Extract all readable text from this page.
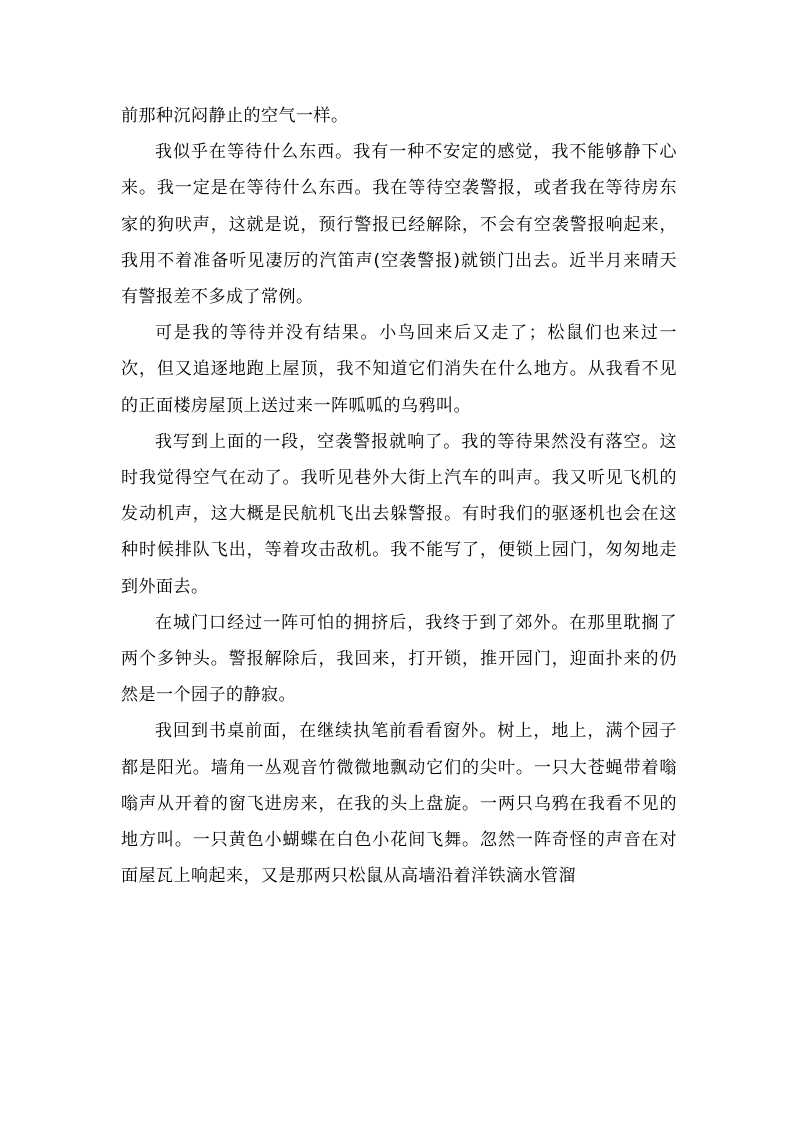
前那种沉闷静止的空气一样。

我似乎在等待什么东西。我有一种不安定的感觉，我不能够静下心来。我一定是在等待什么东西。我在等待空袭警报，或者我在等待房东家的狗吠声，这就是说，预行警报已经解除，不会有空袭警报响起来，我用不着准备听见凄厉的汽笛声(空袭警报)就锁门出去。近半月来晴天有警报差不多成了常例。

可是我的等待并没有结果。小鸟回来后又走了；松鼠们也来过一次，但又追逐地跑上屋顶，我不知道它们消失在什么地方。从我看不见的正面楼房屋顶上送过来一阵呱呱的乌鸦叫。

我写到上面的一段，空袭警报就响了。我的等待果然没有落空。这时我觉得空气在动了。我听见巷外大街上汽车的叫声。我又听见飞机的发动机声，这大概是民航机飞出去躲警报。有时我们的驱逐机也会在这种时候排队飞出，等着攻击敌机。我不能写了，便锁上园门，匆匆地走到外面去。

在城门口经过一阵可怕的拥挤后，我终于到了郊外。在那里耽搁了两个多钟头。警报解除后，我回来，打开锁，推开园门，迎面扑来的仍然是一个园子的静寂。

我回到书桌前面，在继续执笔前看看窗外。树上，地上，满个园子都是阳光。墙角一丛观音竹微微地飘动它们的尖叶。一只大苍蝇带着嗡嗡声从开着的窗飞进房来，在我的头上盘旋。一两只乌鸦在我看不见的地方叫。一只黄色小蝴蝶在白色小花间飞舞。忽然一阵奇怪的声音在对面屋瓦上响起来，又是那两只松鼠从高墙沿着洋铁滴水管溜
